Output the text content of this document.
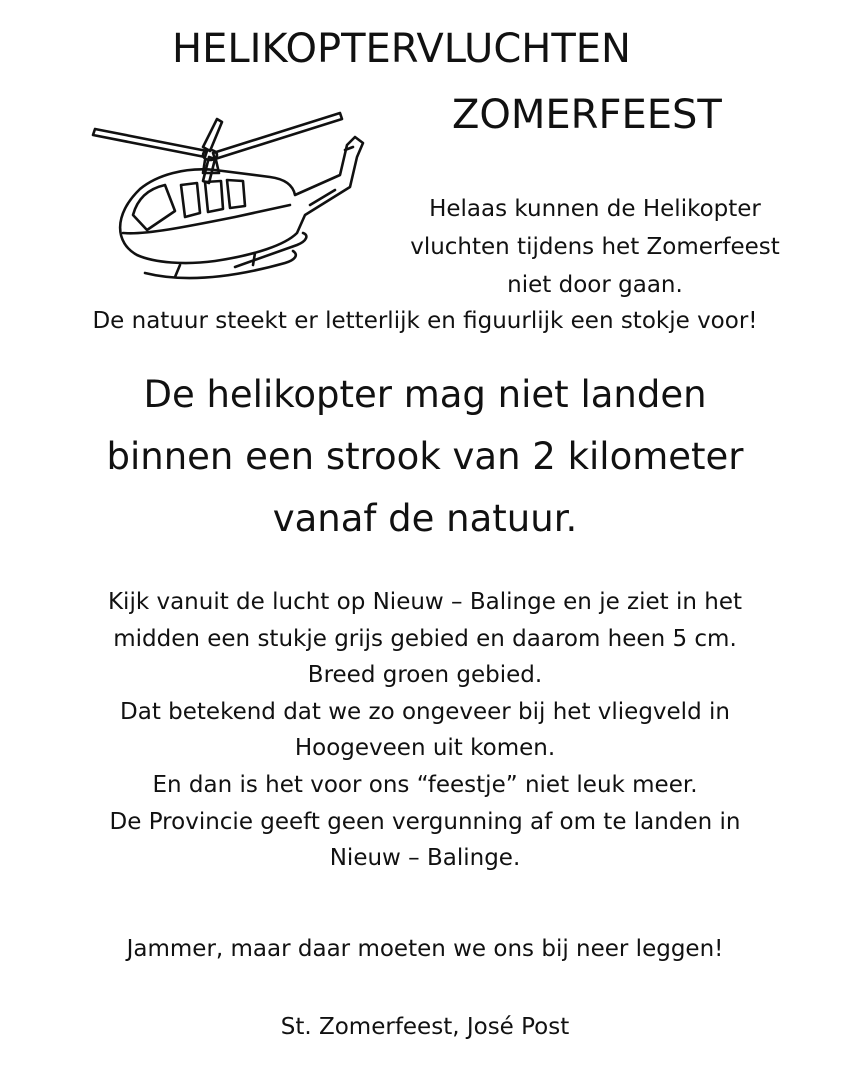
HELIKOPTERVLUCHTEN
ZOMERFEEST
Helaas kunnen de Helikopter
vluchten tijdens het Zomerfeest
niet door gaan.
De natuur steekt er letterlijk en figuurlijk een stokje voor!
De helikopter mag niet landen
binnen een strook van 2 kilometer
vanaf de natuur.
Kijk vanuit de lucht op Nieuw – Balinge en je ziet in het
midden een stukje grijs gebied en daarom heen 5 cm.
Breed groen gebied.
Dat betekend dat we zo ongeveer bij het vliegveld in
Hoogeveen uit komen.
En dan is het voor ons “feestje” niet leuk meer.
De Provincie geeft geen vergunning af om te landen in
Nieuw – Balinge.
Jammer, maar daar moeten we ons bij neer leggen!
St. Zomerfeest, José Post
